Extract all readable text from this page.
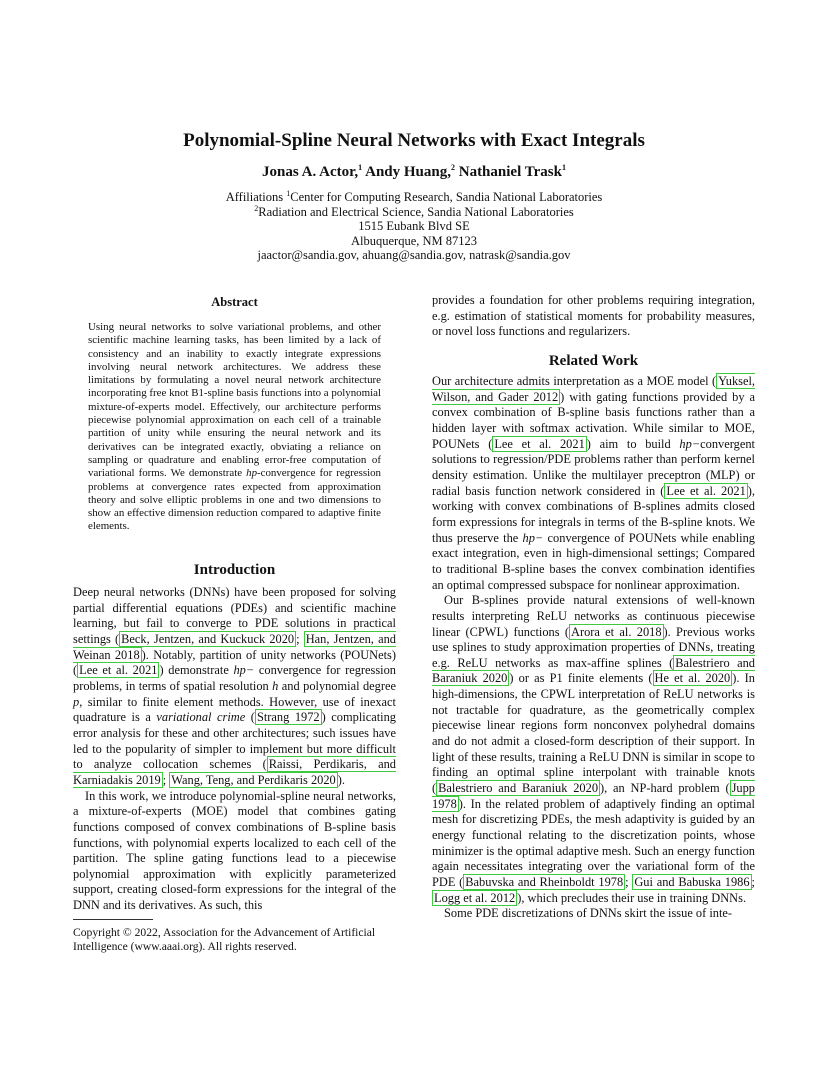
Polynomial-Spline Neural Networks with Exact Integrals
Jonas A. Actor,$^1$ Andy Huang,$^2$ Nathaniel Trask$^1$
Affiliations $^1$Center for Computing Research, Sandia National Laboratories
$^2$Radiation and Electrical Science, Sandia National Laboratories
1515 Eubank Blvd SE
Albuquerque, NM 87123
jaactor@sandia.gov, ahuang@sandia.gov, natrask@sandia.gov
Abstract
Using neural networks to solve variational problems, and other scientific machine learning tasks, has been limited by a lack of consistency and an inability to exactly integrate expressions involving neural network architectures. We address these limitations by formulating a novel neural network architecture incorporating free knot B1-spline basis functions into a polynomial mixture-of-experts model. Effectively, our architecture performs piecewise polynomial approximation on each cell of a trainable partition of unity while ensuring the neural network and its derivatives can be integrated exactly, obviating a reliance on sampling or quadrature and enabling error-free computation of variational forms. We demonstrate hp-convergence for regression problems at convergence rates expected from approximation theory and solve elliptic problems in one and two dimensions to show an effective dimension reduction compared to adaptive finite elements.
Introduction

Deep neural networks (DNNs) have been proposed for solving partial differential equations (PDEs) and scientific machine learning, but fail to converge to PDE solutions in practical settings ( Beck, Jentzen, and Kuckuck 2020 ; Han, Jentzen, and Weinan 2018 ). Notably, partition of unity networks (POUNets) ( Lee et al. 2021 ) demonstrate hp− convergence for regression problems, in terms of spatial resolution h and polynomial degree p, similar to finite element methods. However, use of inexact quadrature is a variational crime ( Strang 1972 ) complicating error analysis for these and other architectures; such issues have led to the popularity of simpler to implement but more difficult to analyze collocation schemes ( Raissi, Perdikaris, and Karniadakis 2019 ; Wang, Teng, and Perdikaris 2020 ).

In this work, we introduce polynomial-spline neural networks, a mixture-of-experts (MOE) model that combines gating functions composed of convex combinations of B-spline basis functions, with polynomial experts localized to each cell of the partition. The spline gating functions lead to a piecewise polynomial approximation with explicitly parameterized support, creating closed-form expressions for the integral of the DNN and its derivatives. As such, this

Copyright © 2022, Association for the Advancement of Artificial Intelligence (www.aaai.org). All rights reserved.

provides a foundation for other problems requiring integration, e.g. estimation of statistical moments for probability measures, or novel loss functions and regularizers.

Related Work

Our architecture admits interpretation as a MOE model ( Yuksel, Wilson, and Gader 2012 ) with gating functions provided by a convex combination of B-spline basis functions rather than a hidden layer with softmax activation. While similar to MOE, POUNets ( Lee et al. 2021 ) aim to build hp−convergent solutions to regression/PDE problems rather than perform kernel density estimation. Unlike the multilayer preceptron (MLP) or radial basis function network considered in ( Lee et al. 2021 ), working with convex combinations of B-splines admits closed form expressions for integrals in terms of the B-spline knots. We thus preserve the hp− convergence of POUNets while enabling exact integration, even in high-dimensional settings; Compared to traditional B-spline bases the convex combination identifies an optimal compressed subspace for nonlinear approximation.

Our B-splines provide natural extensions of well-known results interpreting ReLU networks as continuous piecewise linear (CPWL) functions ( Arora et al. 2018 ). Previous works use splines to study approximation properties of DNNs, treating e.g. ReLU networks as max-affine splines ( Balestriero and Baraniuk 2020 ) or as P1 finite elements ( He et al. 2020 ). In high-dimensions, the CPWL interpretation of ReLU networks is not tractable for quadrature, as the geometrically complex piecewise linear regions form nonconvex polyhedral domains and do not admit a closed-form description of their support. In light of these results, training a ReLU DNN is similar in scope to finding an optimal spline interpolant with trainable knots ( Balestriero and Baraniuk 2020 ), an NP-hard problem ( Jupp 1978 ). In the related problem of adaptively finding an optimal mesh for discretizing PDEs, the mesh adaptivity is guided by an energy functional relating to the discretization points, whose minimizer is the optimal adaptive mesh. Such an energy function again necessitates integrating over the variational form of the PDE ( Babuvska and Rheinboldt 1978 ; Gui and Babuska 1986 ; Logg et al. 2012 ), which precludes their use in training DNNs.

Some PDE discretizations of DNNs skirt the issue of inte-
